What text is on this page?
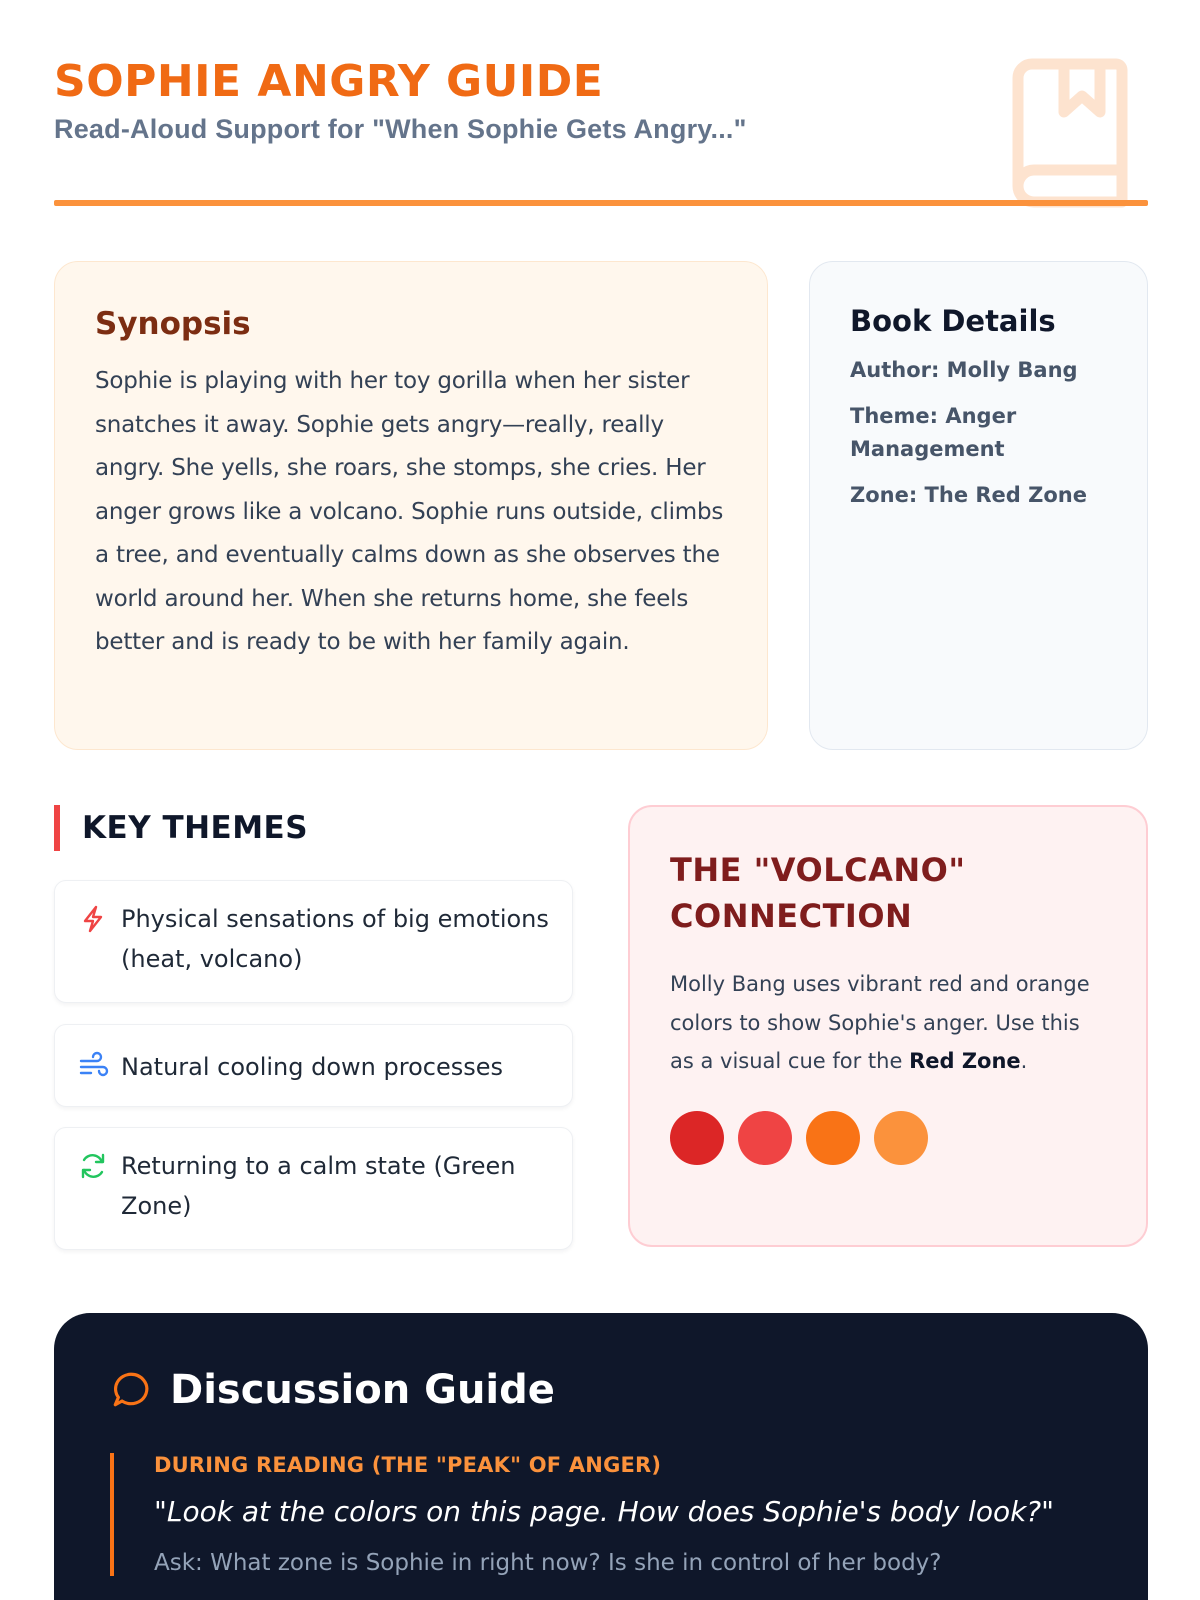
SOPHIE ANGRY GUIDE
Read-Aloud Support for "When Sophie Gets Angry..."
Synopsis

Sophie is playing with her toy gorilla when her sister snatches it away. Sophie gets angry—really, really angry. She yells, she roars, she stomps, she cries. Her anger grows like a volcano. Sophie runs outside, climbs a tree, and eventually calms down as she observes the world around her. When she returns home, she feels better and is ready to be with her family again.

Book Details
Author: Molly Bang
Theme: Anger Management
Zone: The Red Zone
KEY THEMES
Physical sensations of big emotions (heat, volcano)
Natural cooling down processes
Returning to a calm state (Green Zone)
THE "VOLCANO" CONNECTION

Molly Bang uses vibrant red and orange colors to show Sophie's anger. Use this as a visual cue for the Red Zone.

Discussion Guide
DURING READING (THE "PEAK" OF ANGER)
"Look at the colors on this page. How does Sophie's body look?"
Ask: What zone is Sophie in right now? Is she in control of her body?
